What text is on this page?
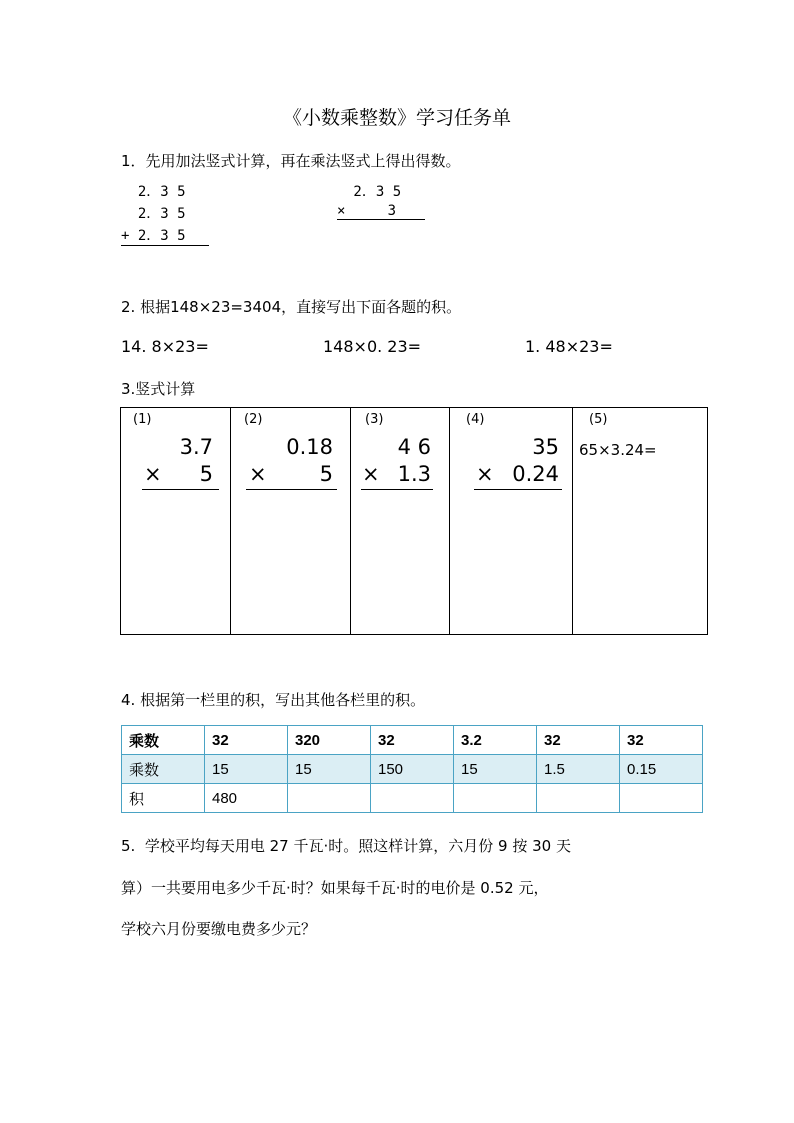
《小数乘整数》学习任务单
1．先用加法竖式计算，再在乘法竖式上得出得数。
2．3 5
2．3 5
+ 2．3 5
2．3 5
×     3
2. 根据148×23=3404，直接写出下面各题的积。
14. 8×23=	148×0. 23=	1. 48×23=
3.竖式计算
(1)
3.7
× 5
(2)
0.18
×	5
(3)
4 6
× 1.3
(4)
35
× 0.24
(5)
65×3.24=
4. 根据第一栏里的积，写出其他各栏里的积。
乘数	32	320	32	3.2	32	32
乘数	15	15	150	15	1.5	0.15
积	480					
5.  学校平均每天用电 27 千瓦·时。照这样计算，六月份 9 按 30 天
算）一共要用电多少千瓦·时？如果每千瓦·时的电价是 0.52 元，
学校六月份要缴电费多少元？
